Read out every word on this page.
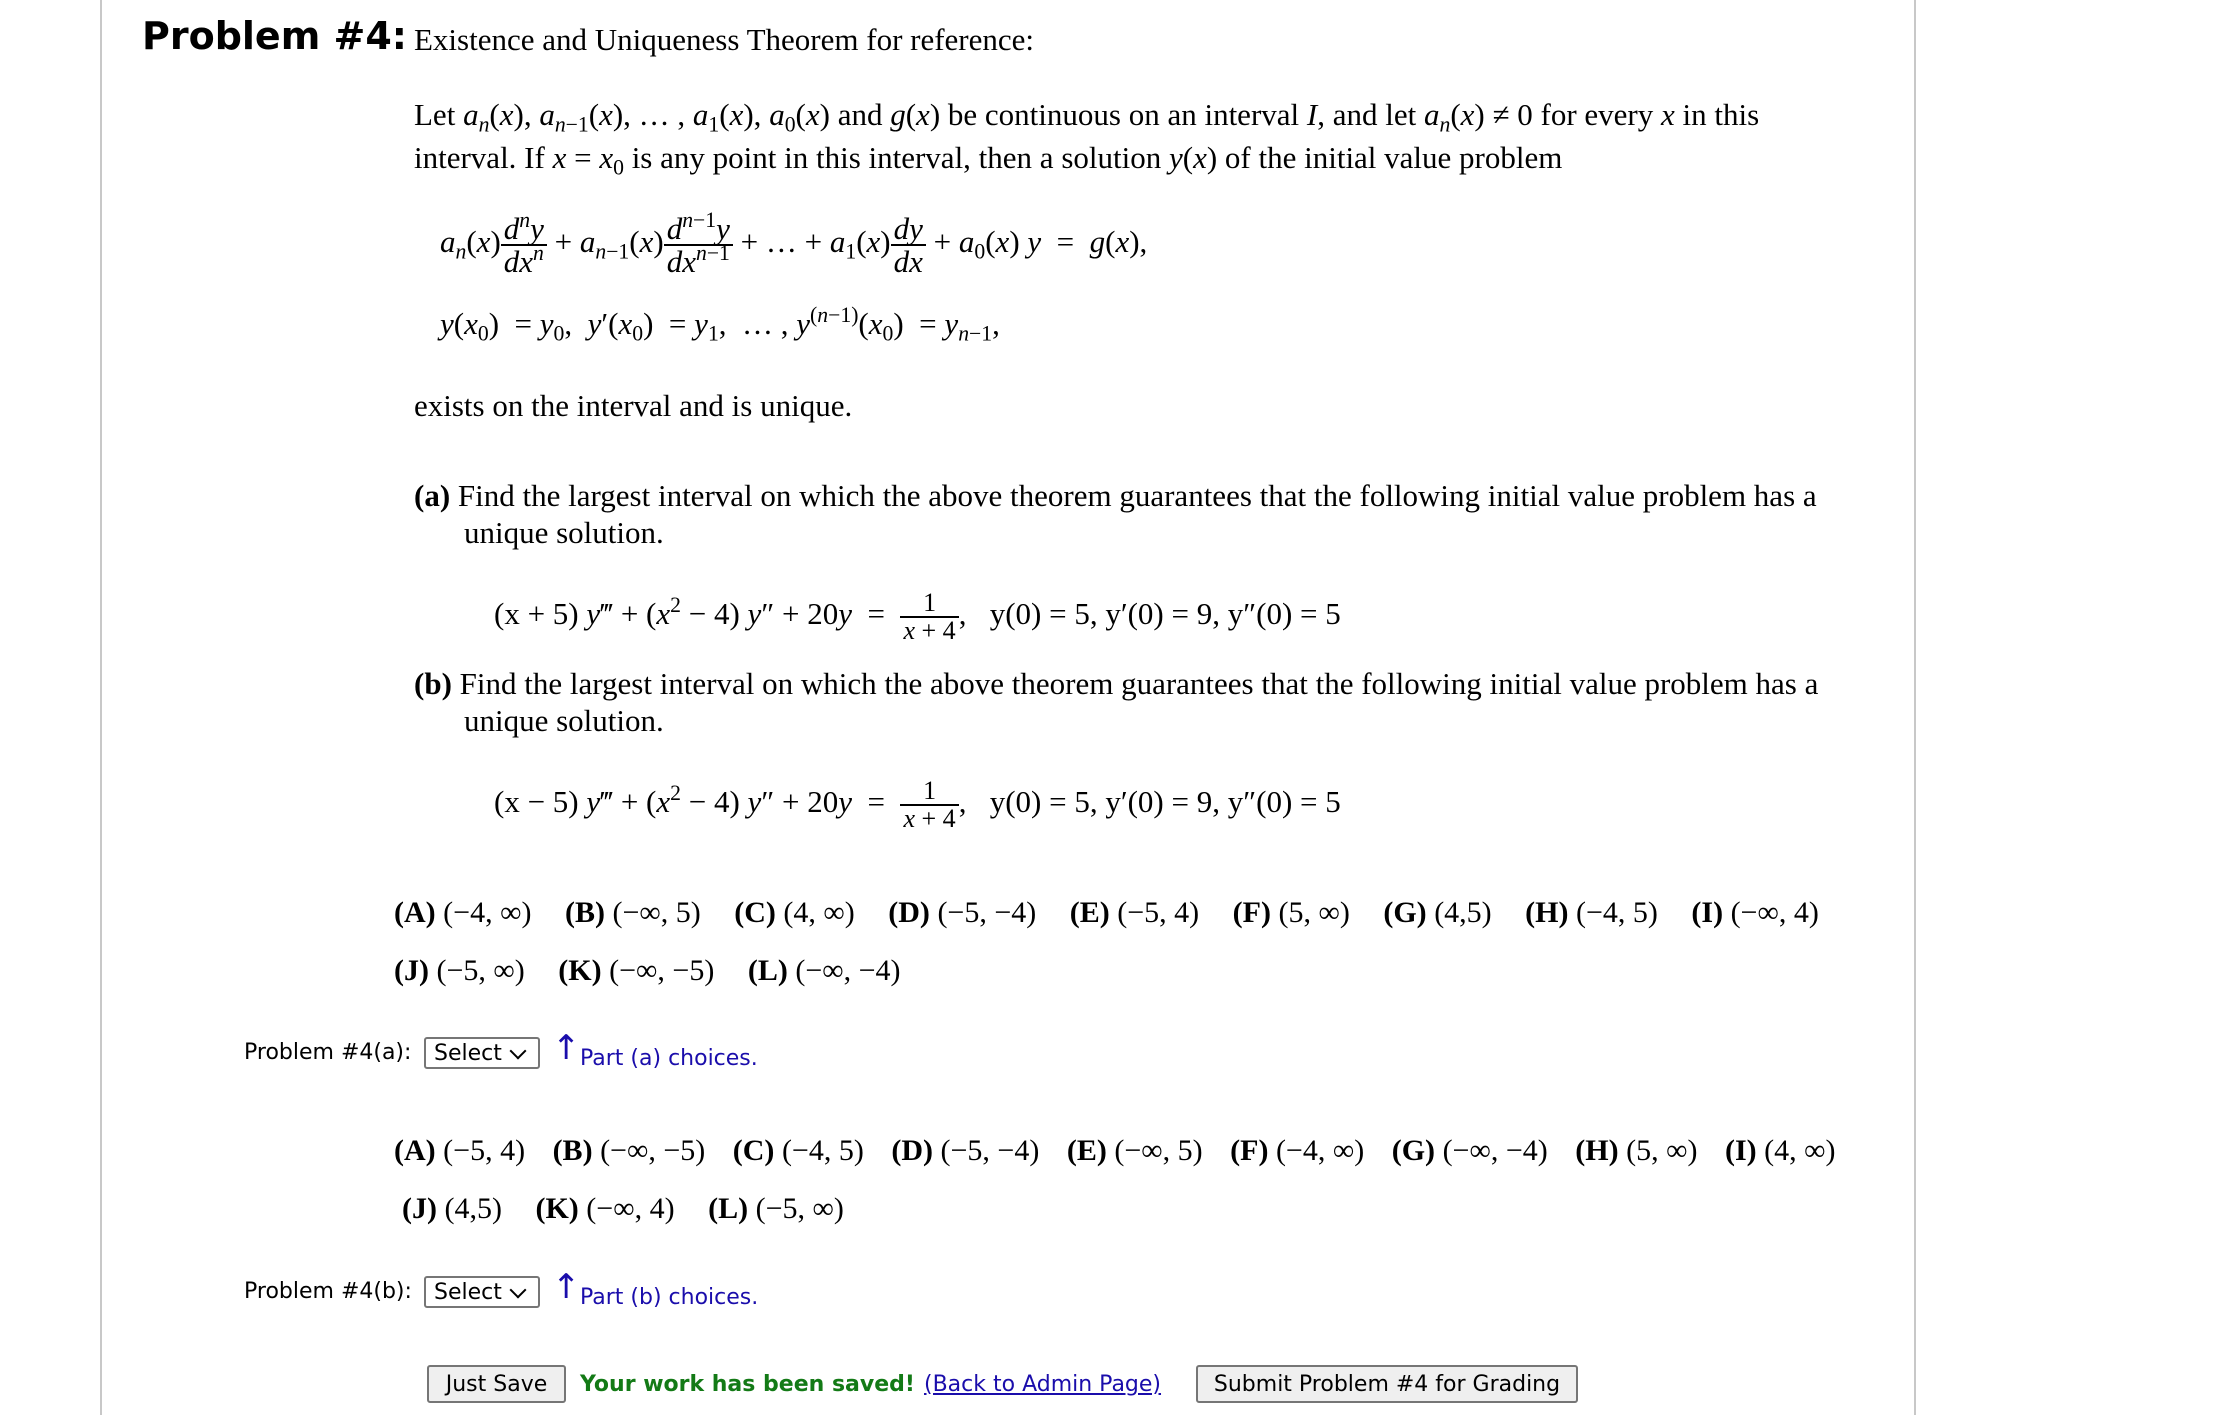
Problem #4: Existence and Uniqueness Theorem for reference:
Let $a_n(x)$, $a_{n-1}(x)$, … , $a_1(x)$, $a_0(x)$ and g(x) be continuous on an interval I, and let $a_n(x) \ne 0$ for every x in this
interval. If $x = x_0$ is any point in this interval, then a solution y(x) of the initial value problem
$a_n(x) \frac{d^ny}{dx^n} + a_{n-1}(x) \frac{d^{n-1}y}{dx^{n-1}}$ + … + $a_1(x) \frac{dy}{dx} + a_0(x) y = g(x)$,
$y(x_0) = y_0$,  $y'(x_0) = y_1$,  … , $y^{(n-1)}(x_0) = y_{n-1}$,
exists on the interval and is unique.
(a) Find the largest interval on which the above theorem guarantees that the following initial value problem has a
unique solution.
(x + 5) y‴ + $(x^2 - 4) y'' + 20y = \frac{1}{x + 4}$ ,   y(0) = 5, y′(0) = 9, y″(0) = 5
(b) Find the largest interval on which the above theorem guarantees that the following initial value problem has a
unique solution.
(x − 5) y‴ + $(x^2 - 4) y'' + 20y = \frac{1}{x + 4}$ ,   y(0) = 5, y′(0) = 9, y″(0) = 5
(A) (−4, ∞) (B) (−∞, 5) (C) (4, ∞) (D) (−5, −4) (E) (−5, 4) (F) (5, ∞) (G) (4,5) (H) (−4, 5) (I) (−∞, 4)
(J) (−5, ∞) (K) (−∞, −5) (L) (−∞, −4)
Problem #4(a): Select ↑ Part (a) choices.
(A) (−5, 4) (B) (−∞, −5) (C) (−4, 5) (D) (−5, −4) (E) (−∞, 5) (F) (−4, ∞) (G) (−∞, −4) (H) (5, ∞) (I) (4, ∞)
(J) (4,5) (K) (−∞, 4) (L) (−5, ∞)
Problem #4(b): Select ↑ Part (b) choices.
Just Save	Your work has been saved! (Back to Admin Page)	Submit Problem #4 for Grading
